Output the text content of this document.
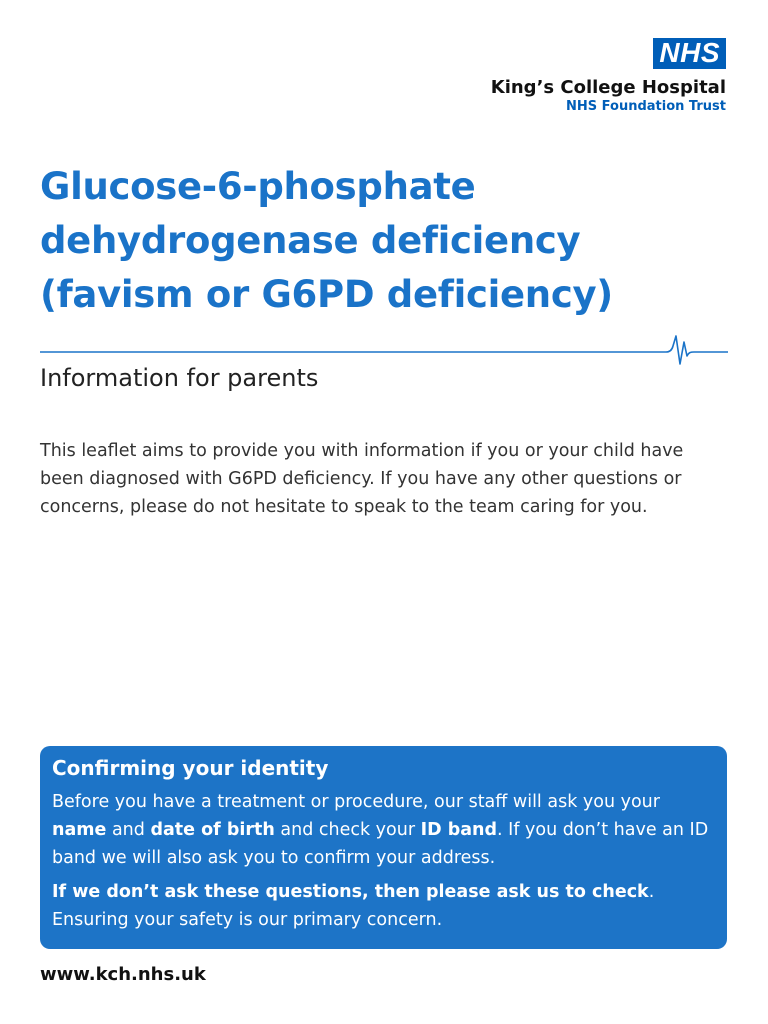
NHS
King’s College Hospital
NHS Foundation Trust
Glucose-6-phosphate
dehydrogenase deficiency
(favism or G6PD deficiency)
Information for parents

This leaflet aims to provide you with information if you or your child have been diagnosed with G6PD deficiency. If you have any other questions or concerns, please do not hesitate to speak to the team caring for you.

Confirming your identity

Before you have a treatment or procedure, our staff will ask you your name and date of birth and check your ID band. If you don’t have an ID band we will also ask you to confirm your address.

If we don’t ask these questions, then please ask us to check. Ensuring your safety is our primary concern.

www.kch.nhs.uk
